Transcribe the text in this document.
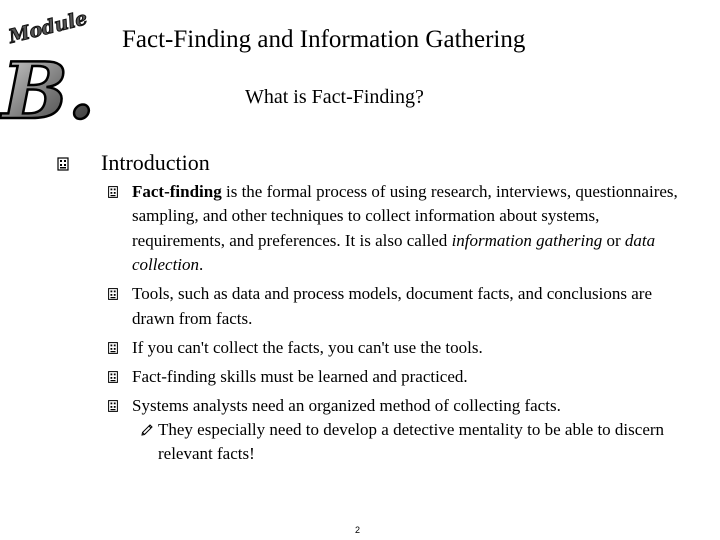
Module
B.
Fact-Finding and Information Gathering
What is Fact-Finding?
Introduction
Fact-finding is the formal process of using research, interviews, questionnaires, sampling, and other techniques to collect information about systems, requirements, and preferences. It is also called information gathering or data collection.
Tools, such as data and process models, document facts, and conclusions are drawn from facts.
If you can't collect the facts, you can't use the tools.
Fact-finding skills must be learned and practiced.
Systems analysts need an organized method of collecting facts.
They especially need to develop a detective mentality to be able to discern relevant facts!
2
